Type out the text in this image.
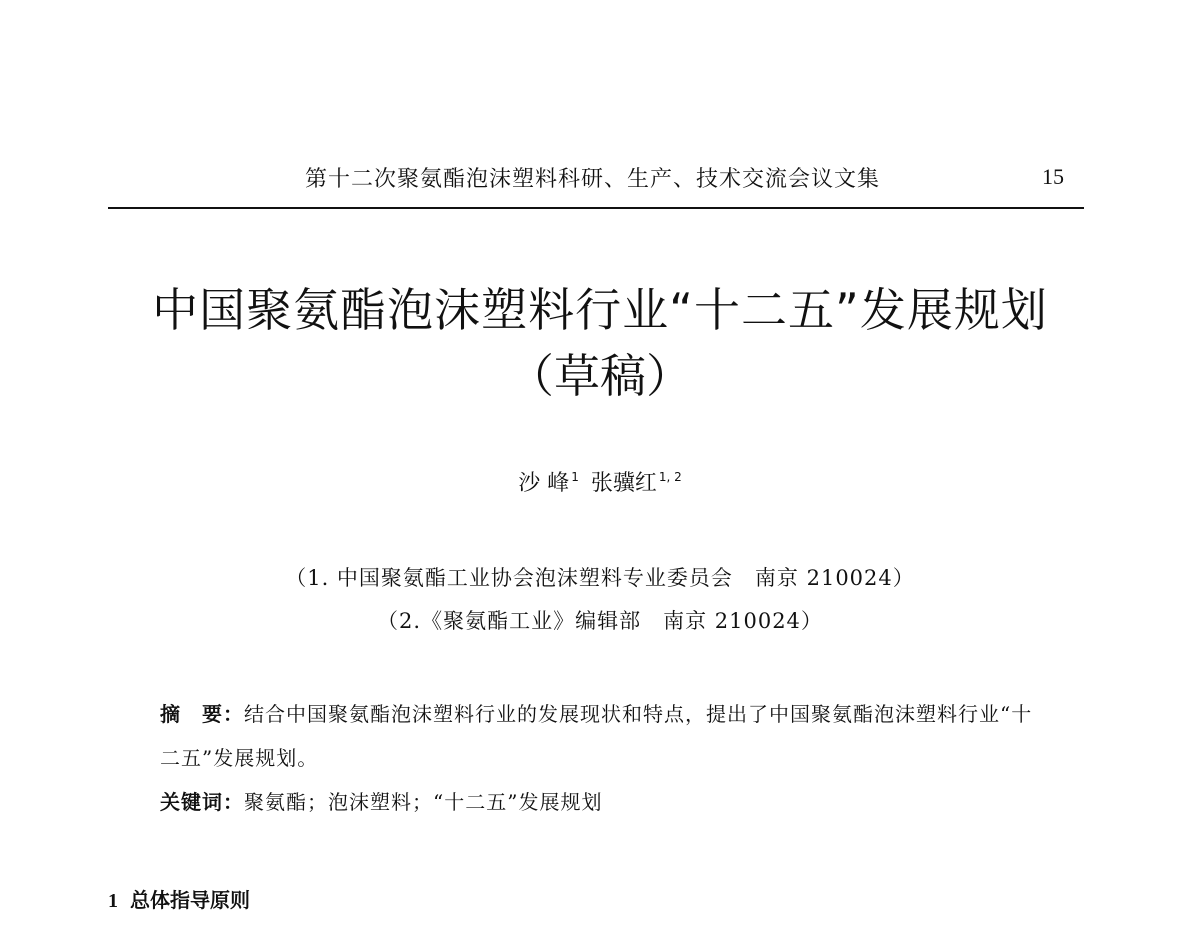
第十二次聚氨酯泡沫塑料科研、生产、技术交流会议文集	15
中国聚氨酯泡沫塑料行业“十二五”发展规划
（草稿）
沙 峰 $^1$ 张骥红 $^{1, 2}$
（1. 中国聚氨酯工业协会泡沫塑料专业委员会　南京 210024）
（2.《聚氨酯工业》编辑部　南京 210024）

摘　要：结合中国聚氨酯泡沫塑料行业的发展现状和特点，提出了中国聚氨酯泡沫塑料行业“十二五”发展规划。

关键词：聚氨酯；泡沫塑料；“十二五”发展规划

1 总体指导原则
